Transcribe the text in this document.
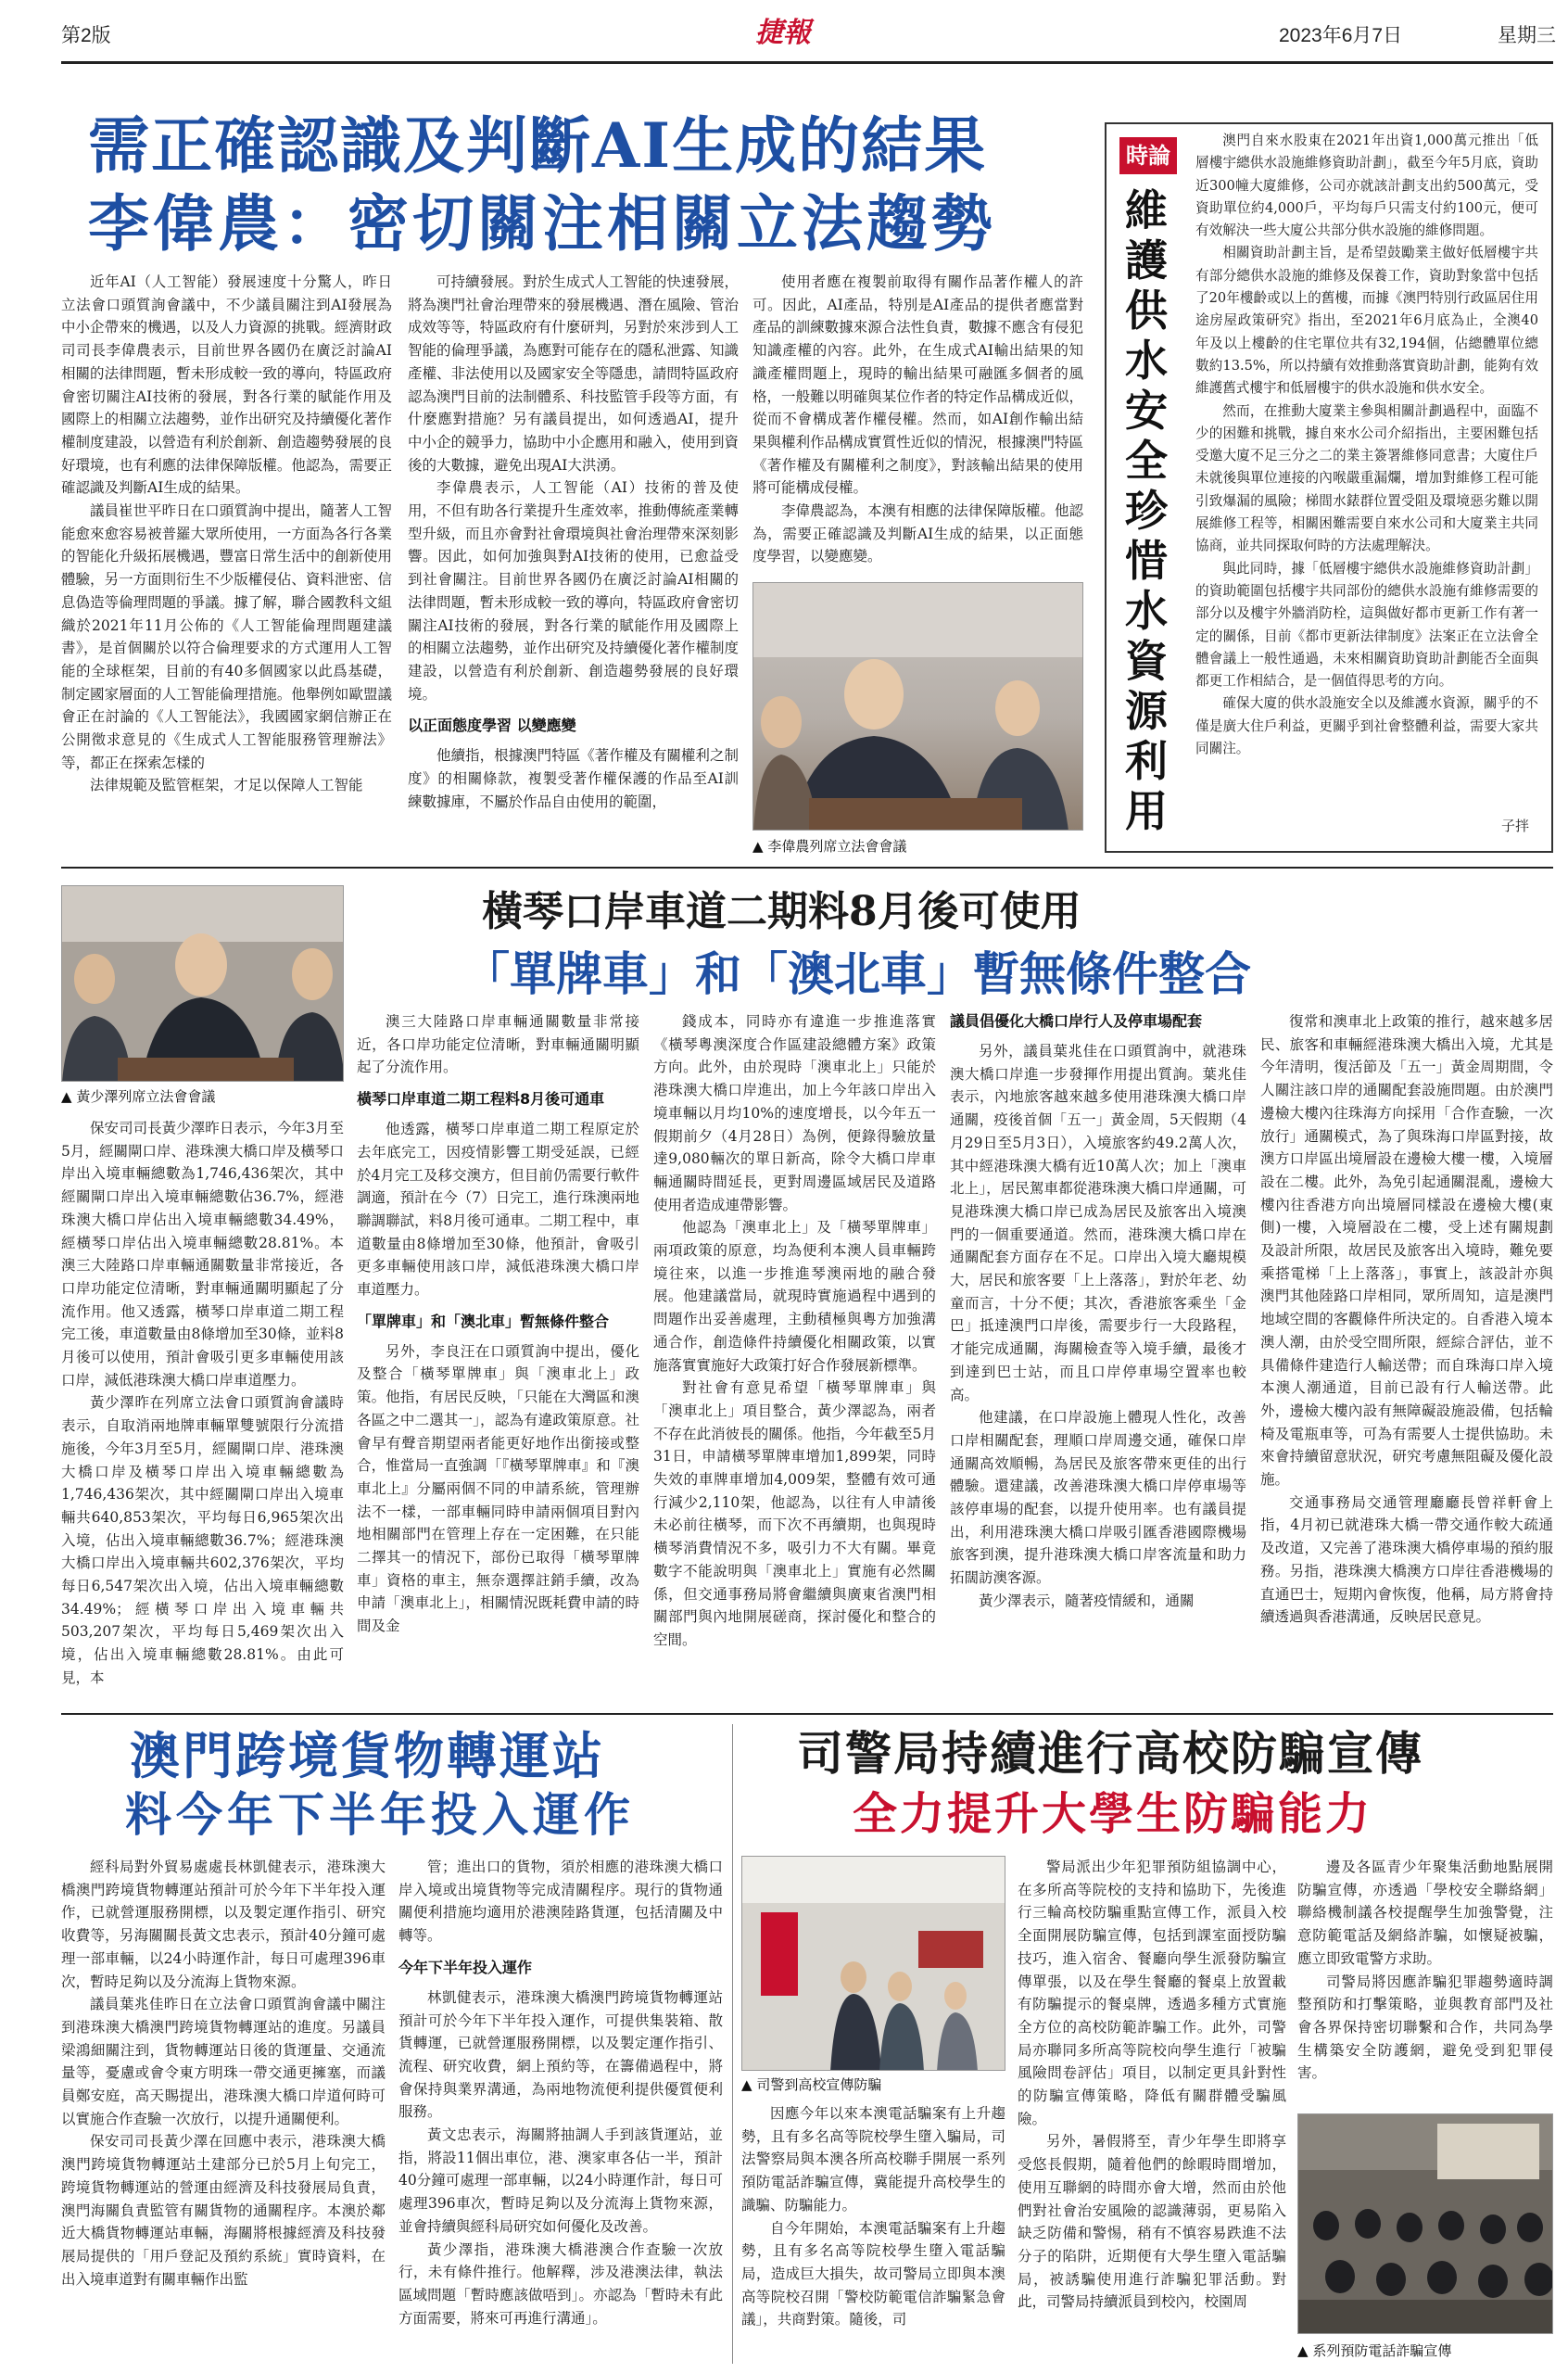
第2版	捷報	2023年6月7日	星期三
需正確認識及判斷AI生成的結果
李偉農：密切關注相關立法趨勢

近年AI（人工智能）發展速度十分驚人，昨日立法會口頭質詢會議中，不少議員關注到AI發展為中小企帶來的機遇，以及人力資源的挑戰。經濟財政司司長李偉農表示，目前世界各國仍在廣泛討論AI相關的法律問題，暫未形成較一致的導向，特區政府會密切關注AI技術的發展，對各行業的賦能作用及國際上的相關立法趨勢，並作出研究及持續優化著作權制度建設，以營造有利於創新、創造趨勢發展的良好環境，也有利應的法律保障版權。他認為，需要正確認識及判斷AI生成的結果。

議員崔世平昨日在口頭質詢中提出，隨著人工智能愈來愈容易被普羅大眾所使用，一方面為各行各業的智能化升級拓展機遇，豐富日常生活中的創新使用體驗，另一方面則衍生不少版權侵佔、資料泄密、信息偽造等倫理問題的爭議。據了解，聯合國教科文組織於2021年11月公佈的《人工智能倫理問題建議書》，是首個關於以符合倫理要求的方式運用人工智能的全球框架，目前的有40多個國家以此爲基礎，制定國家層面的人工智能倫理措施。他舉例如歐盟議會正在討論的《人工智能法》，我國國家網信辦正在公開徵求意見的《生成式人工智能服務管理辦法》等，都正在探索怎樣的

法律規範及監管框架，才足以保障人工智能

可持續發展。對於生成式人工智能的快速發展，將為澳門社會治理帶來的發展機遇、潛在風險、管治成效等等，特區政府有什麼研判，另對於來涉到人工智能的倫理爭議，為應對可能存在的隱私泄露、知識產權、非法使用以及國家安全等隱患，請問特區政府認為澳門目前的法制體系、科技監管手段等方面，有什麼應對措施？另有議員提出，如何透過AI，提升中小企的競爭力，協助中小企應用和融入，使用到資後的大數據，避免出現AI大洪湧。

李偉農表示，人工智能（AI）技術的普及使用，不但有助各行業提升生產效率，推動傳統產業轉型升級，而且亦會對社會環境與社會治理帶來深刻影響。因此，如何加強與對AI技術的使用，已愈益受到社會關注。目前世界各國仍在廣泛討論AI相關的法律問題，暫未形成較一致的導向，特區政府會密切關注AI技術的發展，對各行業的賦能作用及國際上的相關立法趨勢，並作出研究及持續優化著作權制度建設，以營造有利於創新、創造趨勢發展的良好環境。

以正面態度學習 以變應變

他續指，根據澳門特區《著作權及有關權利之制度》的相關條款，複製受著作權保護的作品至AI訓練數據庫，不屬於作品自由使用的範圍，

使用者應在複製前取得有關作品著作權人的許可。因此，AI產品，特別是AI產品的提供者應當對產品的訓練數據來源合法性負責，數據不應含有侵犯知識產權的內容。此外，在生成式AI輸出結果的知識產權問題上，現時的輸出結果可融匯多個者的風格，一般難以明確與某位作者的特定作品構成近似，從而不會構成著作權侵權。然而，如AI創作輸出結果與權利作品構成實質性近似的情況，根據澳門特區《著作權及有關權利之制度》，對該輸出結果的使用將可能構成侵權。

李偉農認為，本澳有相應的法律保障版權。他認為，需要正確認識及判斷AI生成的結果，以正面態度學習，以變應變。

▲ 李偉農列席立法會會議
時論
維護供水安全 珍惜水資源利用

澳門自來水股東在2021年出資1,000萬元推出「低層樓宇總供水設施維修資助計劃」，截至今年5月底，資助近300幢大廈維修，公司亦就該計劃支出約500萬元，受資助單位約4,000戶，平均每戶只需支付約100元，便可有效解決一些大廈公共部分供水設施的維修問題。

相關資助計劃主旨，是希望鼓勵業主做好低層樓宇共有部分總供水設施的維修及保養工作，資助對象當中包括了20年樓齡或以上的舊樓，而據《澳門特別行政區居住用途房屋政策研究》指出，至2021年6月底為止，全澳40年及以上樓齡的住宅單位共有32,194個，佔總體單位總數約13.5%，所以持續有效推動落實資助計劃，能夠有效維護舊式樓宇和低層樓宇的供水設施和供水安全。

然而，在推動大廈業主參與相關計劃過程中，面臨不少的困難和挑戰，據自來水公司介紹指出，主要困難包括受邀大廈不足三分之二的業主簽署維修同意書；大廈住戶未就後與單位連接的內喉嚴重漏爛，增加對維修工程可能引致爆漏的風險；梯間水錶群位置受阻及環境惡劣難以開展維修工程等，相關困難需要自來水公司和大廈業主共同協商，並共同探取何時的方法處理解決。

與此同時，據「低層樓宇總供水設施維修資助計劃」的資助範圍包括樓宇共同部份的總供水設施有維修需要的部分以及樓宇外牆消防栓，這與做好都市更新工作有著一定的關係，目前《都市更新法律制度》法案正在立法會全體會議上一般性通過，未來相關資助資助計劃能否全面與都更工作相結合，是一個值得思考的方向。

確保大廈的供水設施安全以及維護水資源，關乎的不僅是廣大住戶利益，更關乎到社會整體利益，需要大家共同關注。

子拌
▲ 黃少澤列席立法會會議
橫琴口岸車道二期料8月後可使用
「單牌車」和「澳北車」暫無條件整合

保安司司長黃少澤昨日表示，今年3月至5月，經關閘口岸、港珠澳大橋口岸及橫琴口岸出入境車輛總數為1,746,436架次，其中經關閘口岸出入境車輛總數佔36.7%，經港珠澳大橋口岸佔出入境車輛總數34.49%，經橫琴口岸佔出入境車輛總數28.81%。本澳三大陸路口岸車輛通關數量非常接近，各口岸功能定位清晰，對車輛通關明顯起了分流作用。他又透露，橫琴口岸車道二期工程完工後，車道數量由8條增加至30條，並料8月後可以使用，預計會吸引更多車輛使用該口岸，減低港珠澳大橋口岸車道壓力。

黃少澤昨在列席立法會口頭質詢會議時表示，自取消兩地牌車輛單雙號限行分流措施後，今年3月至5月，經關閘口岸、港珠澳大橋口岸及橫琴口岸出入境車輛總數為1,746,436架次，其中經關閘口岸出入境車輛共640,853架次，平均每日6,965架次出入境，佔出入境車輛總數36.7%；經港珠澳大橋口岸出入境車輛共602,376架次，平均每日6,547架次出入境，佔出入境車輛總數34.49%；經橫琴口岸出入境車輛共503,207架次，平均每日5,469架次出入境，佔出入境車輛總數28.81%。由此可見，本

澳三大陸路口岸車輛通關數量非常接近，各口岸功能定位清晰，對車輛通關明顯起了分流作用。

橫琴口岸車道二期工程料8月後可通車

他透露，橫琴口岸車道二期工程原定於去年底完工，因疫情影響工期受延誤，已經於4月完工及移交澳方，但目前仍需要行軟件調適，預計在今（7）日完工，進行珠澳兩地聯調聯試，料8月後可通車。二期工程中，車道數量由8條增加至30條，他預計，會吸引更多車輛使用該口岸，減低港珠澳大橋口岸車道壓力。

「單牌車」和「澳北車」暫無條件整合

另外，李良汪在口頭質詢中提出，優化及整合「橫琴單牌車」與「澳車北上」政策。他指，有居民反映，「只能在大灣區和澳各區之中二選其一」，認為有違政策原意。社會早有聲音期望兩者能更好地作出銜接或整合，惟當局一直強調「『橫琴單牌車』和『澳車北上』分屬兩個不同的申請系統，管理辦法不一樣，一部車輛同時申請兩個項目對內地相關部門在管理上存在一定困難，在只能二擇其一的情況下，部份已取得「橫琴單牌車」資格的車主，無奈選擇註銷手續，改為申請「澳車北上」，相關情況既耗費申請的時間及金

錢成本，同時亦有違進一步推進落實《橫琴粵澳深度合作區建設總體方案》政策方向。此外，由於現時「澳車北上」只能於港珠澳大橋口岸進出，加上今年該口岸出入境車輛以月均10%的速度增長，以今年五一假期前夕（4月28日）為例，便錄得驗放量達9,080輛次的單日新高，除令大橋口岸車輛通關時間延長，更對周邊區域居民及道路使用者造成連帶影響。

他認為「澳車北上」及「橫琴單牌車」兩項政策的原意，均為便利本澳人員車輛跨境往來，以進一步推進琴澳兩地的融合發展。他建議當局，就現時實施過程中遇到的問題作出妥善處理，主動積極與粵方加強溝通合作，創造條件持續優化相關政策，以實施落實實施好大政策打好合作發展新標準。

對社會有意見希望「橫琴單牌車」與「澳車北上」項目整合，黃少澤認為，兩者不存在此消彼長的關係。他指，今年截至5月31日，申請橫琴單牌車增加1,899架，同時失效的車牌車增加4,009架，整體有效可通行減少2,110架，他認為，以往有人申請後未必前往橫琴，而下次不再續期，也與現時橫琴消費情況不多，吸引力不大有關。畢竟數字不能說明與「澳車北上」實施有必然關係，但交通事務局將會繼續與廣東省澳門相關部門與內地開展磋商，探討優化和整合的空間。

議員倡優化大橋口岸行人及停車場配套

另外，議員葉兆佳在口頭質詢中，就港珠澳大橋口岸進一步發揮作用提出質詢。葉兆佳表示，內地旅客越來越多使用港珠澳大橋口岸通關，疫後首個「五一」黃金周，5天假期（4月29日至5月3日），入境旅客約49.2萬人次，其中經港珠澳大橋有近10萬人次；加上「澳車北上」，居民駕車都從港珠澳大橋口岸通關，可見港珠澳大橋口岸已成為居民及旅客出入境澳門的一個重要通道。然而，港珠澳大橋口岸在通關配套方面存在不足。口岸出入境大廳規模大，居民和旅客要「上上落落」，對於年老、幼童而言，十分不便；其次，香港旅客乘坐「金巴」抵達澳門口岸後，需要步行一大段路程，才能完成通關，海關檢查等入境手續，最後才到達到巴士站，而且口岸停車場空置率也較高。

他建議，在口岸設施上體現人性化，改善口岸相關配套，理順口岸周邊交通，確保口岸通關高效順暢，為居民及旅客帶來更佳的出行體驗。還建議，改善港珠澳大橋口岸停車場等該停車場的配套，以提升使用率。也有議員提出，利用港珠澳大橋口岸吸引匯香港國際機場旅客到澳，提升港珠澳大橋口岸客流量和助力拓闊訪澳客源。

黃少澤表示，隨著疫情緩和，通關

復常和澳車北上政策的推行，越來越多居民、旅客和車輛經港珠澳大橋出入境，尤其是今年清明，復活節及「五一」黃金周期間，令人關注該口岸的通關配套設施問題。由於澳門邊檢大樓內往珠海方向採用「合作查驗，一次放行」通關模式，為了與珠海口岸區對接，故澳方口岸區出境層設在邊檢大樓一樓，入境層設在二樓。此外，為免引起通關混亂，邊檢大樓內往香港方向出境層同樣設在邊檢大樓(東側)一樓，入境層設在二樓，受上述有關規劃及設計所限，故居民及旅客出入境時，難免要乘搭電梯「上上落落」，事實上，該設計亦與澳門其他陸路口岸相同，眾所周知，這是澳門地域空間的客觀條件所決定的。自香港入境本澳人潮，由於受空間所限，經綜合評估，並不具備條件建造行人輸送帶；而自珠海口岸入境本澳人潮通道，目前已設有行人輸送帶。此外，邊檢大樓內設有無障礙設施設備，包括輪椅及電瓶車等，可為有需要人士提供協助。未來會持續留意狀況，研究考慮無阻礙及優化設施。

交通事務局交通管理廳廳長曾祥軒會上指，4月初已就港珠大橋一帶交通作較大疏通及改道，又完善了港珠澳大橋停車場的預約服務。另指，港珠澳大橋澳方口岸往香港機場的直通巴士，短期內會恢復，他稱，局方將會持續透過與香港溝通，反映居民意見。

澳門跨境貨物轉運站
料今年下半年投入運作

經科局對外貿易處處長林凱健表示，港珠澳大橋澳門跨境貨物轉運站預計可於今年下半年投入運作，已就營運服務開標，以及製定運作指引、研究收費等，另海關關長黃文忠表示，預計40分鐘可處理一部車輛，以24小時運作計，每日可處理396車次，暫時足夠以及分流海上貨物來源。

議員葉兆佳昨日在立法會口頭質詢會議中關注到港珠澳大橋澳門跨境貨物轉運站的進度。另議員梁鴻細關注到，貨物轉運站日後的貨運量、交通流量等，憂慮或會令東方明珠一帶交通更擁塞，而議員鄭安庭，高天賜提出，港珠澳大橋口岸道何時可以實施合作查驗一次放行，以提升通關便利。

保安司司長黃少澤在回應中表示，港珠澳大橋澳門跨境貨物轉運站土建部分已於5月上旬完工，跨境貨物轉運站的營運由經濟及科技發展局負責，澳門海關負責監管有關貨物的通關程序。本澳於鄰近大橋貨物轉運站車輛，海關將根據經濟及科技發展局提供的「用戶登記及預約系統」實時資料，在出入境車道對有關車輛作出監

管；進出口的貨物，須於相應的港珠澳大橋口岸入境或出境貨物等完成清關程序。現行的貨物通關便利措施均適用於港澳陸路貨運，包括清關及中轉等。

今年下半年投入運作

林凱健表示，港珠澳大橋澳門跨境貨物轉運站預計可於今年下半年投入運作，可提供集裝箱、散貨轉運，已就營運服務開標，以及製定運作指引、流程、研究收費，網上預約等，在籌備過程中，將會保持與業界溝通，為兩地物流便利提供優質便利服務。

黃文忠表示，海關將抽調人手到該貨運站，並指，將設11個出車位，港、澳家車各佔一半，預計40分鐘可處理一部車輛，以24小時運作計，每日可處理396車次，暫時足夠以及分流海上貨物來源，並會持續與經科局研究如何優化及改善。

黃少澤指，港珠澳大橋港澳合作查驗一次放行，未有條件推行。他解釋，涉及港澳法律，執法區域問題「暫時應該做唔到」。亦認為「暫時未有此方面需要，將來可再進行溝通」。

司警局持續進行高校防騙宣傳
全力提升大學生防騙能力
▲ 司警到高校宣傳防騙

因應今年以來本澳電話騙案有上升趨勢，且有多名高等院校學生墮入騙局，司法警察局與本澳各所高校聯手開展一系列預防電話詐騙宣傳，冀能提升高校學生的識騙、防騙能力。

自今年開始，本澳電話騙案有上升趨勢，且有多名高等院校學生墮入電話騙局，造成巨大損失，故司警局立即與本澳高等院校召開「警校防範電信詐騙緊急會議」，共商對策。隨後，司

警局派出少年犯罪預防組協調中心，在多所高等院校的支持和協助下，先後進行三輪高校防騙重點宣傳工作，派員入校全面開展防騙宣傳，包括到課室面授防騙技巧，進入宿舍、餐廳向學生派發防騙宣傳單張，以及在學生餐廳的餐桌上放置載有防騙提示的餐桌牌，透過多種方式實施全方位的高校防範詐騙工作。此外，司警局亦聯同多所高等院校向學生進行「被騙風險問卷評估」項目，以制定更具針對性的防騙宣傳策略，降低有關群體受騙風險。

另外，暑假將至，青少年學生即將享受悠長假期，隨着他們的餘暇時間增加，使用互聯網的時間亦會大增，然而由於他們對社會治安風險的認識薄弱，更易陷入缺乏防備和警惕，稍有不慎容易跌進不法分子的陷阱，近期便有大學生墮入電話騙局，被誘騙使用進行詐騙犯罪活動。對此，司警局持續派員到校內，校園周

邊及各區青少年聚集活動地點展開防騙宣傳，亦透過「學校安全聯絡網」聯絡機制議各校提醒學生加強警覺，注意防範電話及網絡詐騙，如懷疑被騙，應立即致電警方求助。

司警局將因應詐騙犯罪趨勢適時調整預防和打擊策略，並與教育部門及社會各界保持密切聯繫和合作，共同為學生構築安全防護網，避免受到犯罪侵害。

▲ 系列預防電話詐騙宣傳
